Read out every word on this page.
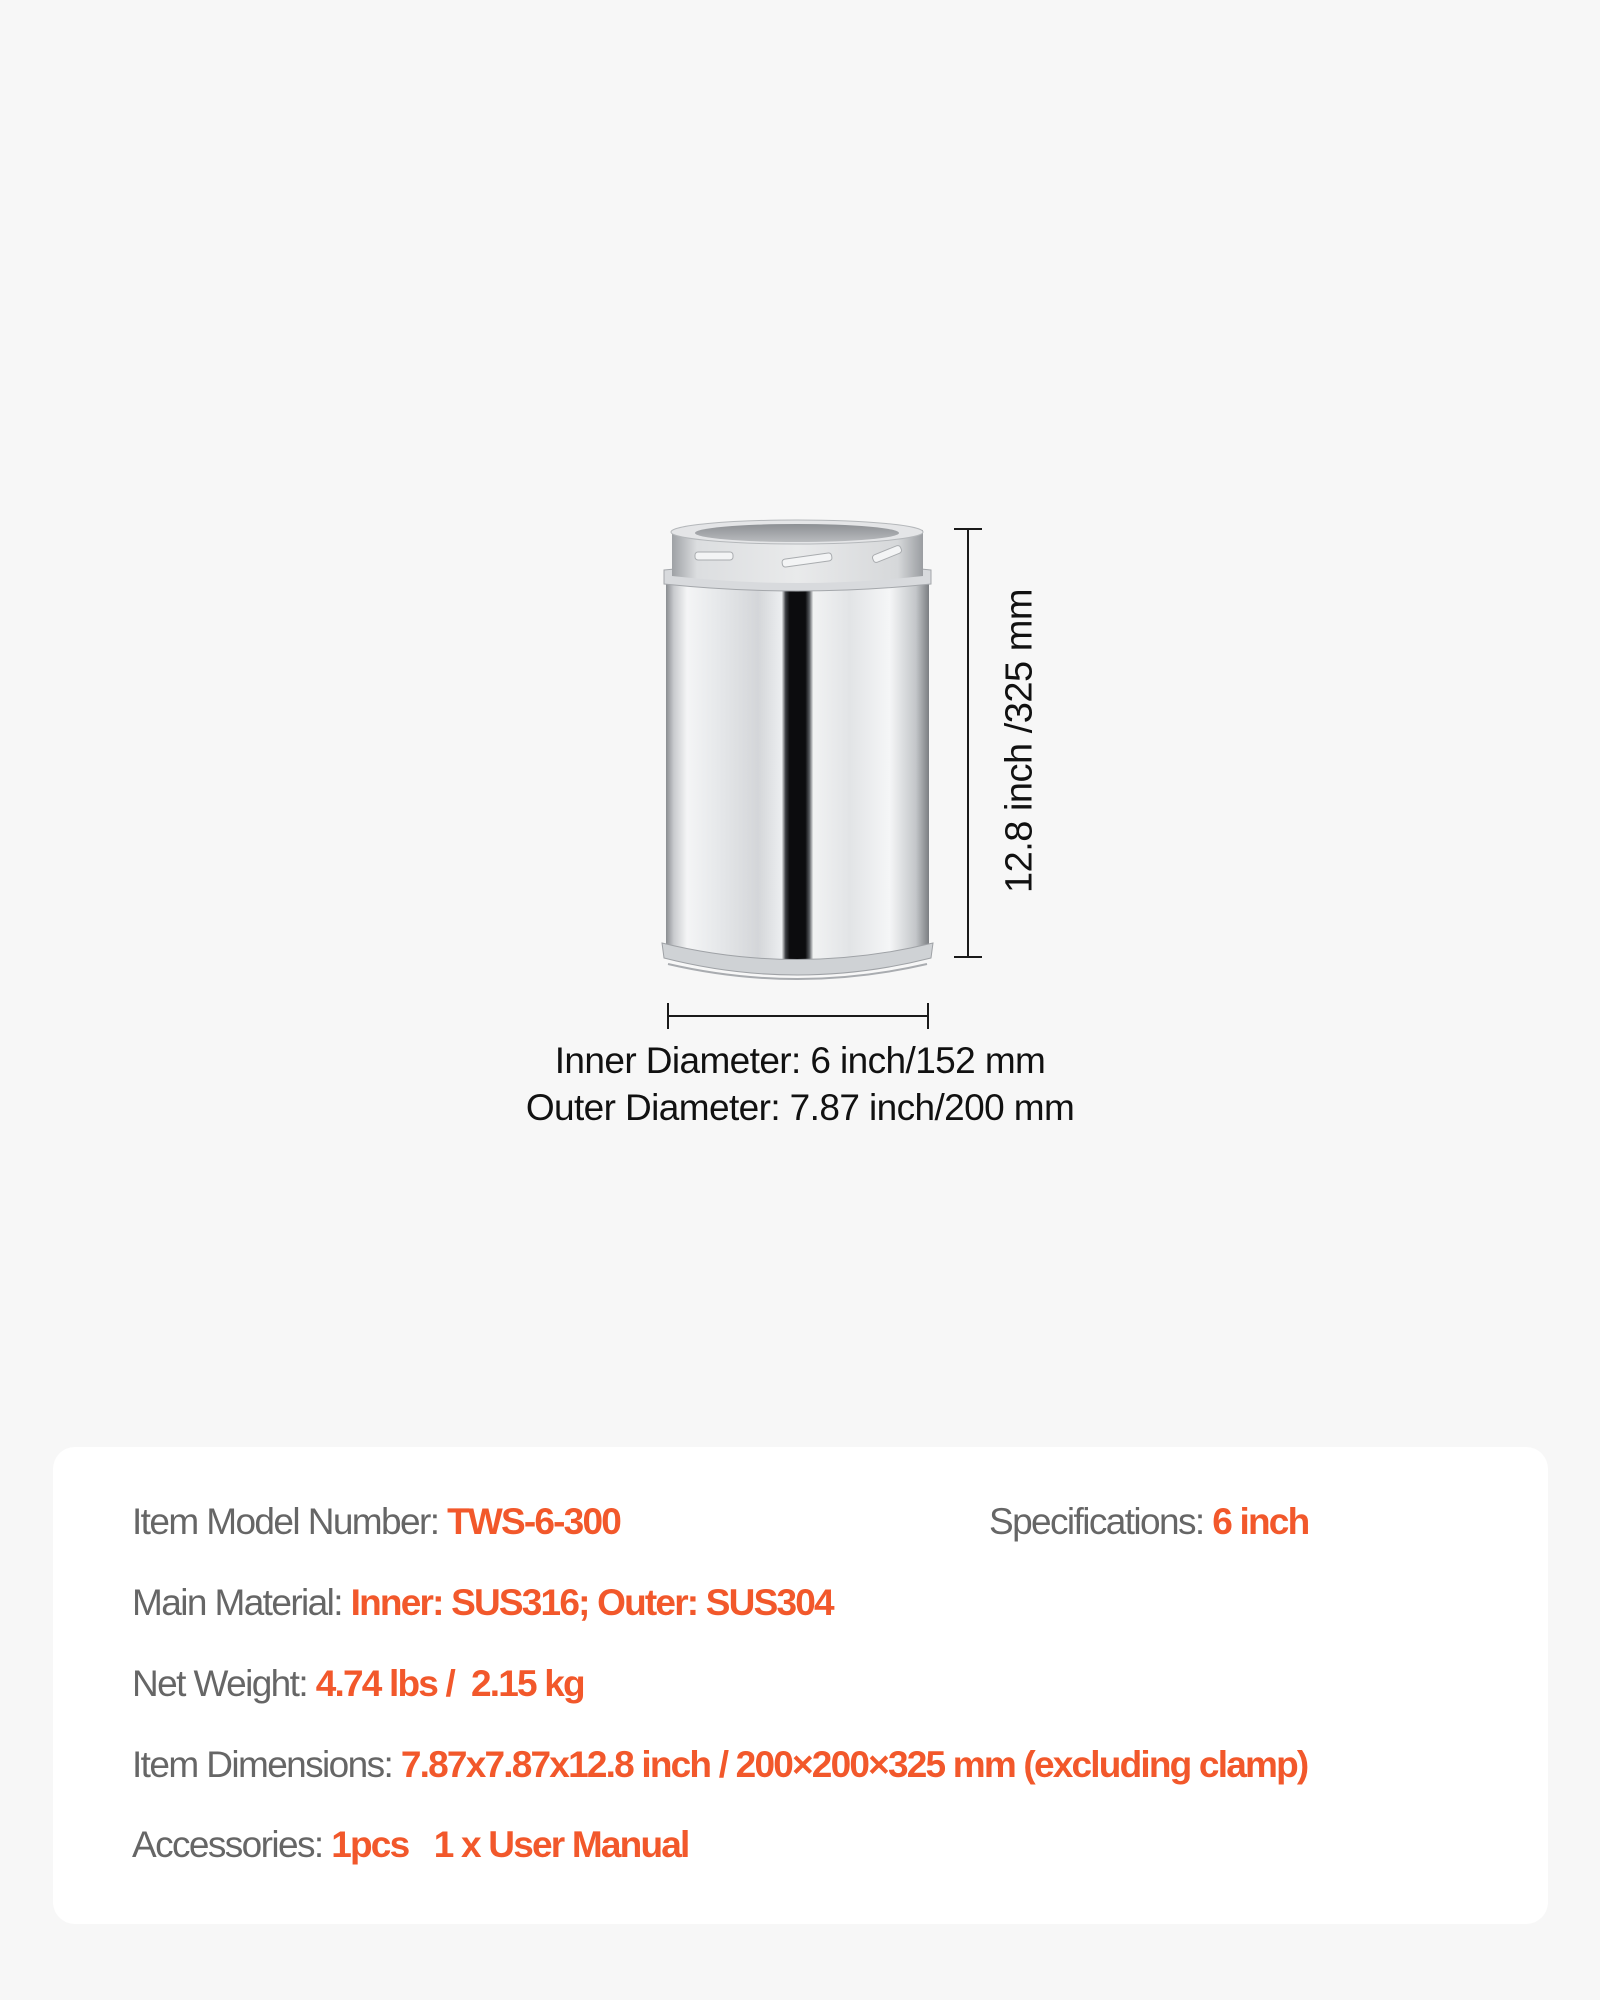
12.8 inch /325 mm
Inner Diameter: 6 inch/152 mm
Outer Diameter: 7.87 inch/200 mm
Item Model Number: TWS-6-300	Specifications: 6 inch
Main Material: Inner: SUS316; Outer: SUS304
Net Weight: 4.74 lbs /  2.15 kg
Item Dimensions: 7.87x7.87x12.8 inch / 200×200×325 mm (excluding clamp)
Accessories: 1pcs   1 x User Manual
